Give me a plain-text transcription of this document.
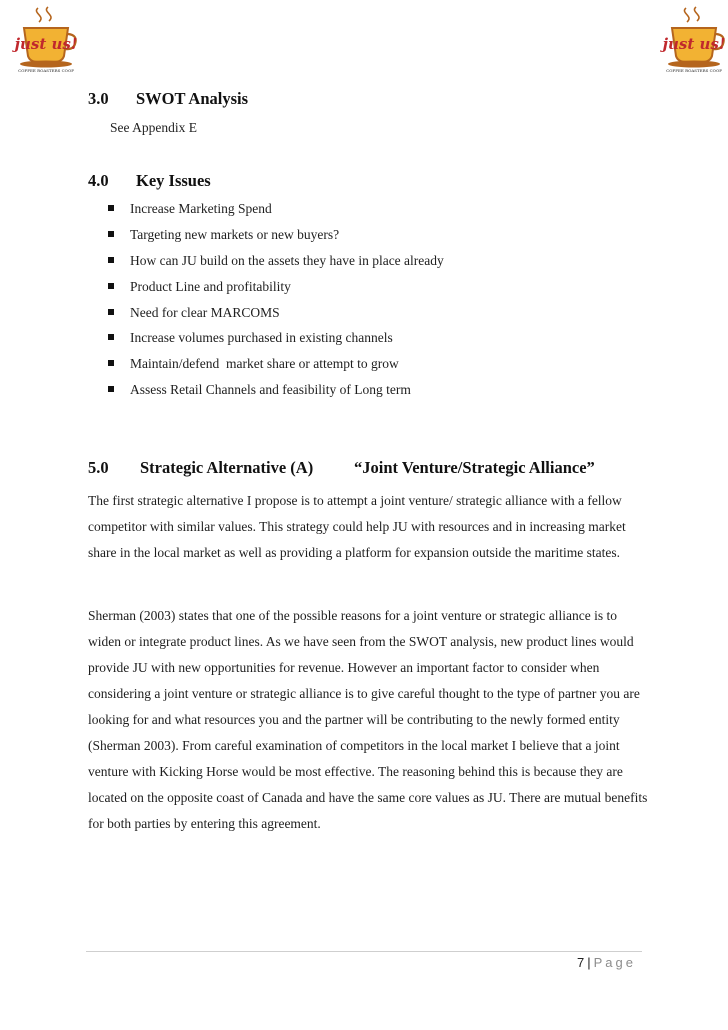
just us!
COFFEE ROASTERS COOP
just us!
COFFEE ROASTERS COOP
3.0 SWOT Analysis
See Appendix E
4.0 Key Issues
Increase Marketing Spend
Targeting new markets or new buyers?
How can JU build on the assets they have in place already
Product Line and profitability
Need for clear MARCOMS
Increase volumes purchased in existing channels
Maintain/defend  market share or attempt to grow
Assess Retail Channels and feasibility of Long term
5.0 Strategic Alternative (A) “Joint Venture/Strategic Alliance”

The first strategic alternative I propose is to attempt a joint venture/ strategic alliance with a fellow competitor with similar values. This strategy could help JU with resources and in increasing market share in the local market as well as providing a platform for expansion outside the maritime states.

Sherman (2003) states that one of the possible reasons for a joint venture or strategic alliance is to widen or integrate product lines. As we have seen from the SWOT analysis, new product lines would provide JU with new opportunities for revenue. However an important factor to consider when considering a joint venture or strategic alliance is to give careful thought to the type of partner you are looking for and what resources you and the partner will be contributing to the newly formed entity (Sherman 2003). From careful examination of competitors in the local market I believe that a joint venture with Kicking Horse would be most effective. The reasoning behind this is because they are located on the opposite coast of Canada and have the same core values as JU. There are mutual benefits for both parties by entering this agreement.

7 | Page
